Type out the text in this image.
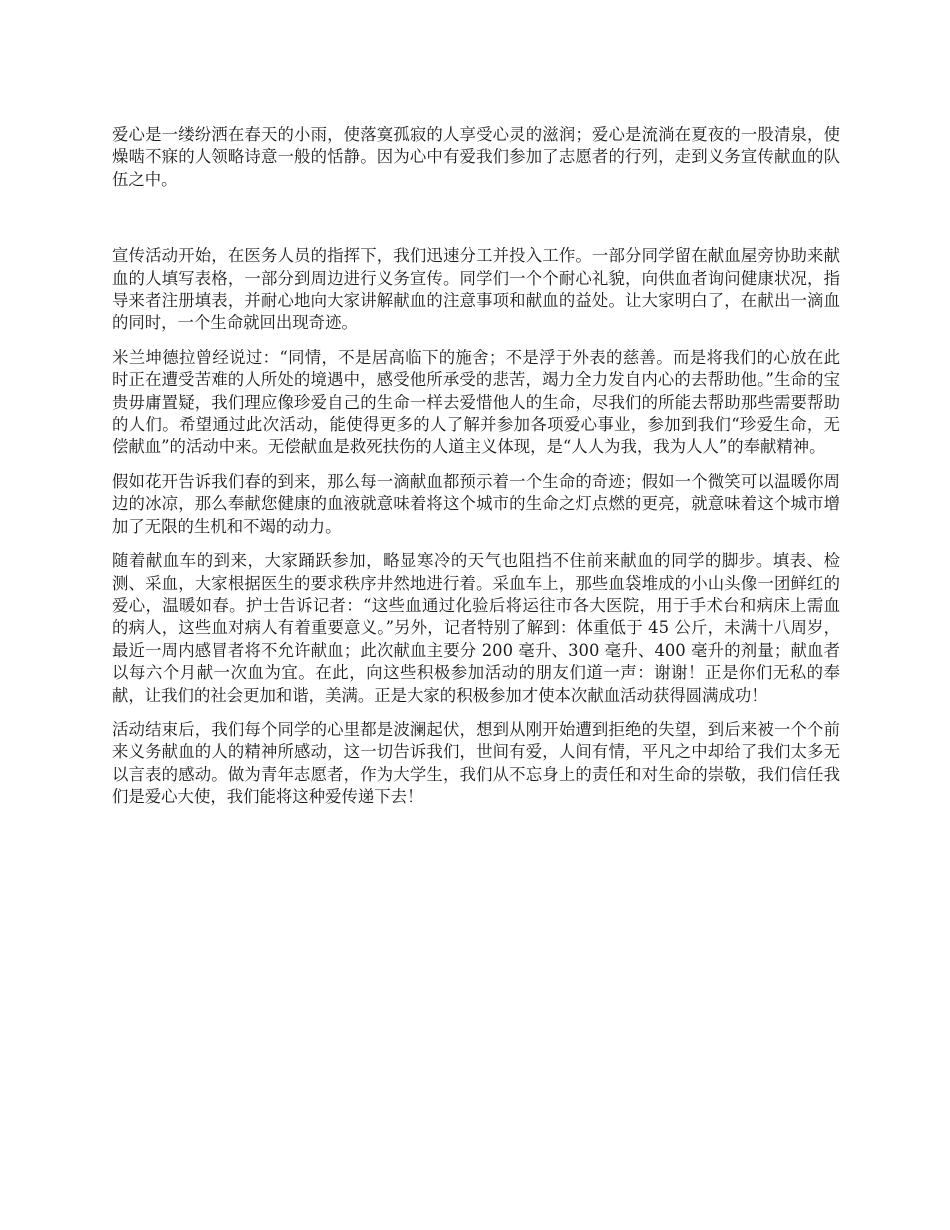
爱心是一缕纷洒在春天的小雨，使落寞孤寂的人享受心灵的滋润；爱心是流淌在夏夜的一股清泉，使燥啮不寐的人领略诗意一般的恬静。因为心中有爱我们参加了志愿者的行列，走到义务宣传献血的队伍之中。

宣传活动开始，在医务人员的指挥下，我们迅速分工并投入工作。一部分同学留在献血屋旁协助来献血的人填写表格，一部分到周边进行义务宣传。同学们一个个耐心礼貌，向供血者询问健康状况，指导来者注册填表，并耐心地向大家讲解献血的注意事项和献血的益处。让大家明白了，在献出一滴血的同时，一个生命就回出现奇迹。

米兰坤德拉曾经说过：“同情，不是居高临下的施舍；不是浮于外表的慈善。而是将我们的心放在此时正在遭受苦难的人所处的境遇中，感受他所承受的悲苦，竭力全力发自内心的去帮助他。”生命的宝贵毋庸置疑，我们理应像珍爱自己的生命一样去爱惜他人的生命，尽我们的所能去帮助那些需要帮助的人们。希望通过此次活动，能使得更多的人了解并参加各项爱心事业，参加到我们“珍爱生命，无偿献血”的活动中来。无偿献血是救死扶伤的人道主义体现，是“人人为我，我为人人”的奉献精神。

假如花开告诉我们春的到来，那么每一滴献血都预示着一个生命的奇迹；假如一个微笑可以温暖你周边的冰凉，那么奉献您健康的血液就意味着将这个城市的生命之灯点燃的更亮，就意味着这个城市增加了无限的生机和不竭的动力。

随着献血车的到来，大家踊跃参加，略显寒冷的天气也阻挡不住前来献血的同学的脚步。填表、检测、采血，大家根据医生的要求秩序井然地进行着。采血车上，那些血袋堆成的小山头像一团鲜红的爱心，温暖如春。护士告诉记者：“这些血通过化验后将运往市各大医院，用于手术台和病床上需血的病人，这些血对病人有着重要意义。”另外，记者特别了解到：体重低于 45 公斤，未满十八周岁，最近一周内感冒者将不允许献血；此次献血主要分 200 毫升、300 毫升、400 毫升的剂量；献血者以每六个月献一次血为宜。在此，向这些积极参加活动的朋友们道一声：谢谢！正是你们无私的奉献，让我们的社会更加和谐，美满。正是大家的积极参加才使本次献血活动获得圆满成功！

活动结束后，我们每个同学的心里都是波澜起伏，想到从刚开始遭到拒绝的失望，到后来被一个个前来义务献血的人的精神所感动，这一切告诉我们，世间有爱，人间有情，平凡之中却给了我们太多无以言表的感动。做为青年志愿者，作为大学生，我们从不忘身上的责任和对生命的崇敬，我们信任我们是爱心大使，我们能将这种爱传递下去！
